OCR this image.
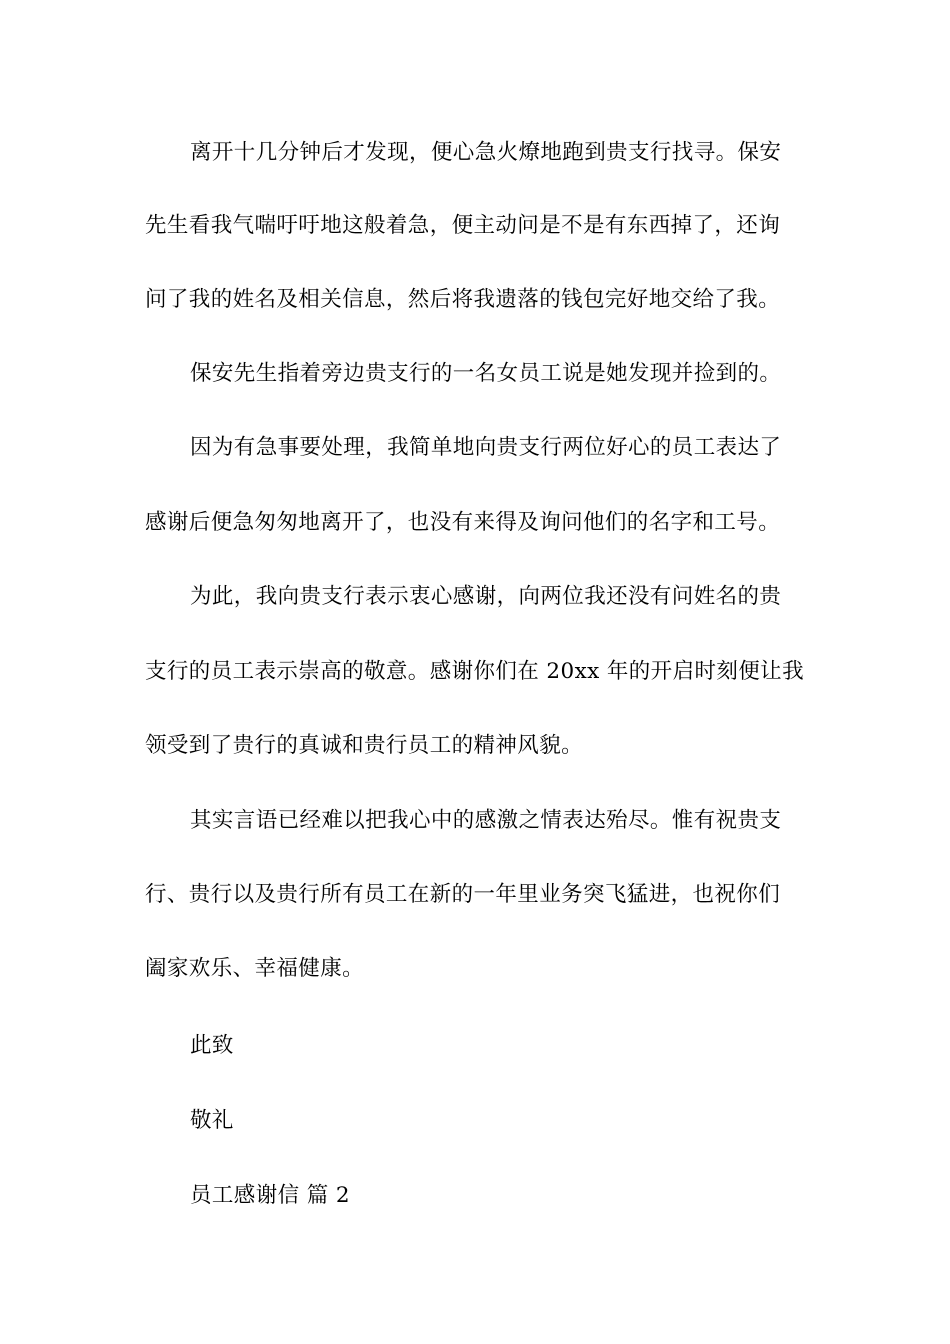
离开十几分钟后才发现，便心急火燎地跑到贵支行找寻。保安
先生看我气喘吁吁地这般着急，便主动问是不是有东西掉了，还询
问了我的姓名及相关信息，然后将我遗落的钱包完好地交给了我。
保安先生指着旁边贵支行的一名女员工说是她发现并捡到的。
因为有急事要处理，我简单地向贵支行两位好心的员工表达了
感谢后便急匆匆地离开了，也没有来得及询问他们的名字和工号。
为此，我向贵支行表示衷心感谢，向两位我还没有问姓名的贵
支行的员工表示崇高的敬意。感谢你们在 20xx 年的开启时刻便让我
领受到了贵行的真诚和贵行员工的精神风貌。
其实言语已经难以把我心中的感激之情表达殆尽。惟有祝贵支
行、贵行以及贵行所有员工在新的一年里业务突飞猛进，也祝你们
阖家欢乐、幸福健康。
此致
敬礼
员工感谢信 篇 2
